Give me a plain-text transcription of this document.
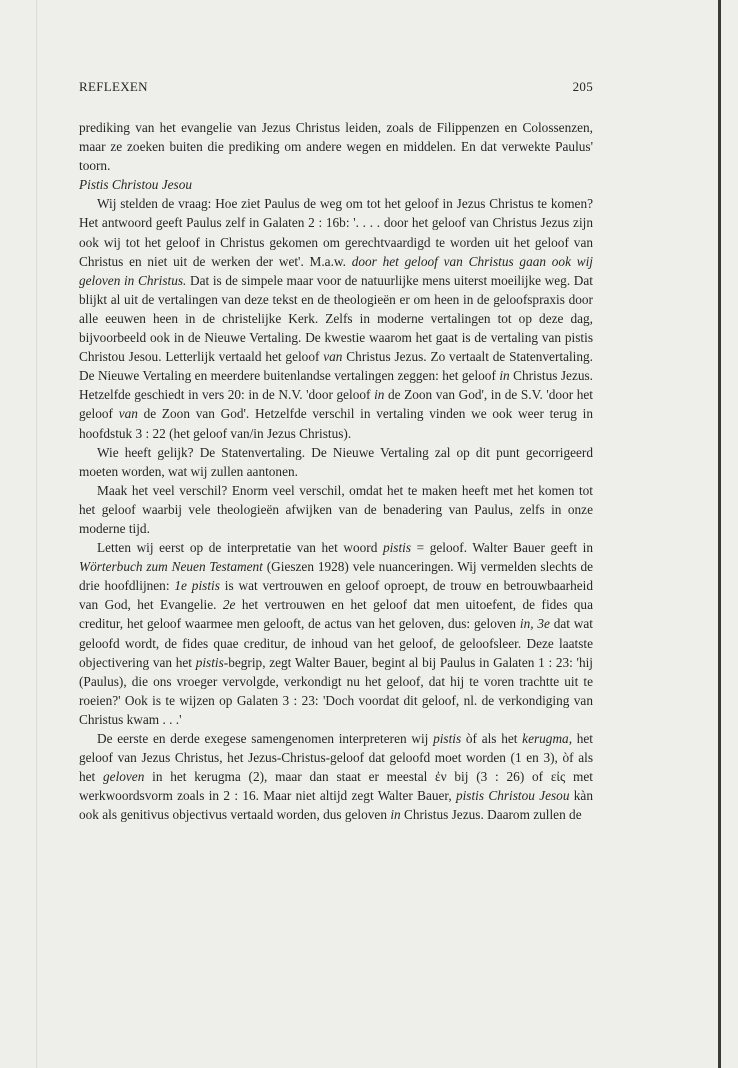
REFLEXEN	205

prediking van het evangelie van Jezus Christus leiden, zoals de Filippenzen en Colossenzen, maar ze zoeken buiten die prediking om andere wegen en middelen. En dat verwekte Paulus' toorn.

Pistis Christou Jesou

Wij stelden de vraag: Hoe ziet Paulus de weg om tot het geloof in Jezus Christus te komen? Het antwoord geeft Paulus zelf in Galaten 2 : 16b: '. . . . door het geloof van Christus Jezus zijn ook wij tot het geloof in Christus gekomen om gerechtvaardigd te worden uit het geloof van Christus en niet uit de werken der wet'. M.a.w. door het geloof van Christus gaan ook wij geloven in Christus. Dat is de simpele maar voor de natuurlijke mens uiterst moeilijke weg. Dat blijkt al uit de vertalingen van deze tekst en de theologieën er om heen in de geloofspraxis door alle eeuwen heen in de christelijke Kerk. Zelfs in moderne vertalingen tot op deze dag, bijvoorbeeld ook in de Nieuwe Vertaling. De kwestie waarom het gaat is de vertaling van pistis Christou Jesou. Letterlijk vertaald het geloof van Christus Jezus. Zo vertaalt de Statenvertaling. De Nieuwe Vertaling en meerdere buitenlandse vertalingen zeggen: het geloof in Christus Jezus. Hetzelfde geschiedt in vers 20: in de N.V. 'door geloof in de Zoon van God', in de S.V. 'door het geloof van de Zoon van God'. Hetzelfde verschil in vertaling vinden we ook weer terug in hoofdstuk 3 : 22 (het geloof van/in Jezus Christus).

Wie heeft gelijk? De Statenvertaling. De Nieuwe Vertaling zal op dit punt gecorrigeerd moeten worden, wat wij zullen aantonen.

Maak het veel verschil? Enorm veel verschil, omdat het te maken heeft met het komen tot het geloof waarbij vele theologieën afwijken van de benadering van Paulus, zelfs in onze moderne tijd.

Letten wij eerst op de interpretatie van het woord pistis = geloof. Walter Bauer geeft in Wörterbuch zum Neuen Testament (Gieszen 1928) vele nuanceringen. Wij vermelden slechts de drie hoofdlijnen: 1e pistis is wat vertrouwen en geloof oproept, de trouw en betrouwbaarheid van God, het Evangelie. 2e het vertrouwen en het geloof dat men uitoefent, de fides qua creditur, het geloof waarmee men gelooft, de actus van het geloven, dus: geloven in, 3e dat wat geloofd wordt, de fides quae creditur, de inhoud van het geloof, de geloofsleer. Deze laatste objectivering van het pistis-begrip, zegt Walter Bauer, begint al bij Paulus in Galaten 1 : 23: 'hij (Paulus), die ons vroeger vervolgde, verkondigt nu het geloof, dat hij te voren trachtte uit te roeien?' Ook is te wijzen op Galaten 3 : 23: 'Doch voordat dit geloof, nl. de verkondiging van Christus kwam . . .'

De eerste en derde exegese samengenomen interpreteren wij pistis òf als het kerugma, het geloof van Jezus Christus, het Jezus-Christus-geloof dat geloofd moet worden (1 en 3), òf als het geloven in het kerugma (2), maar dan staat er meestal ἐν bij (3 : 26) of εἰς met werkwoordsvorm zoals in 2 : 16. Maar niet altijd zegt Walter Bauer, pistis Christou Jesou kàn ook als genitivus objectivus vertaald worden, dus geloven in Christus Jezus. Daarom zullen de
